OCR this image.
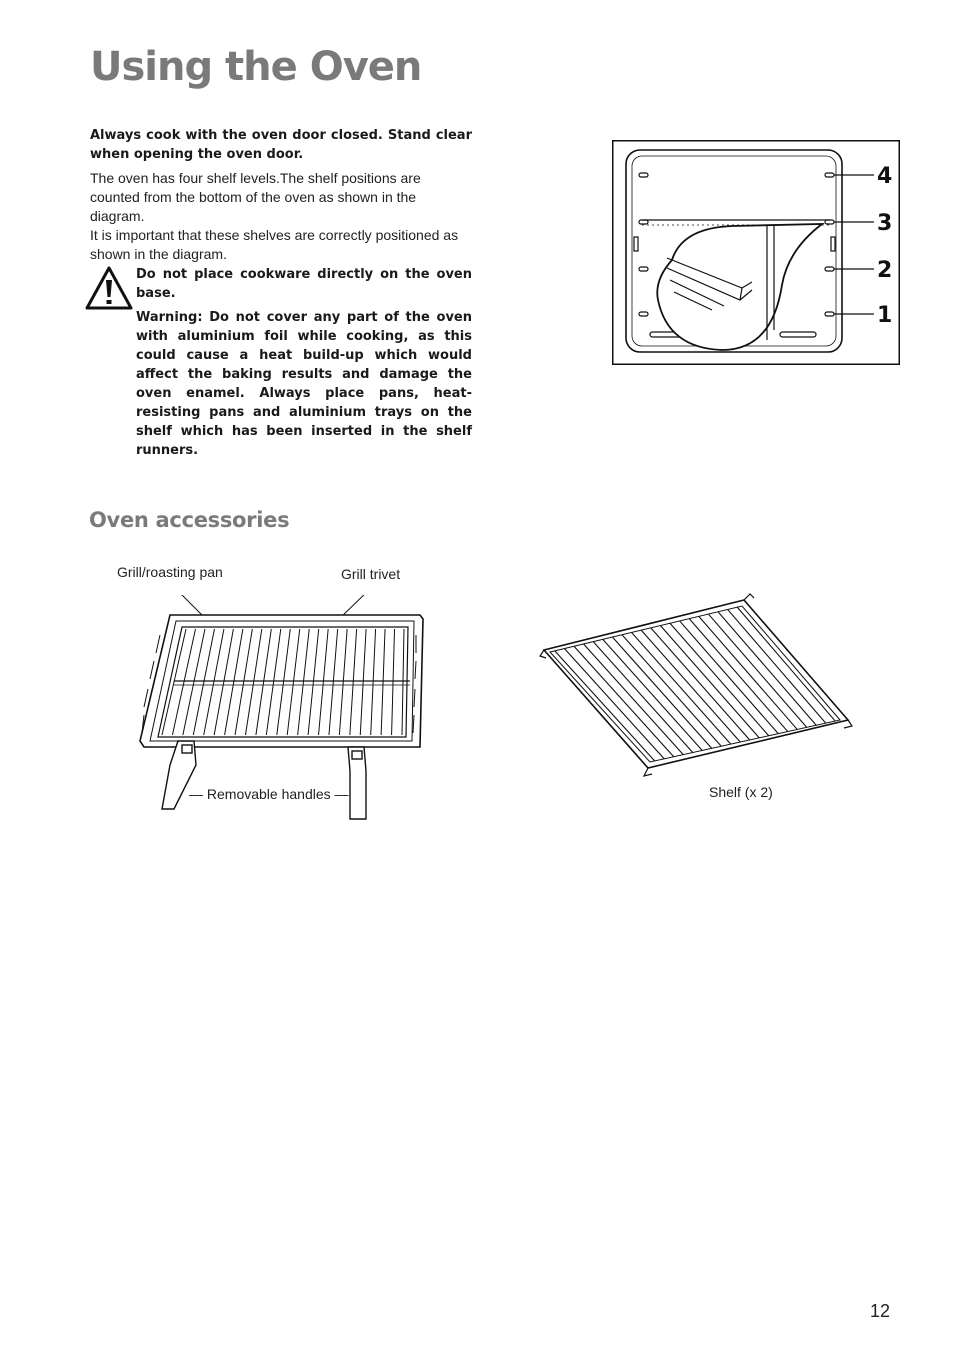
Using the Oven

Always cook with the oven door closed. Stand clear when opening the oven door.

The oven has four shelf levels.The shelf positions are counted from the bottom of the oven as shown in the diagram.

It is important that these shelves are correctly positioned as shown in the diagram.

Do not place cookware directly on the oven base.

Warning: Do not cover any part of the oven with aluminium foil while cooking, as this could cause a heat build-up which would affect the baking results and damage the oven enamel. Always place pans, heat-resisting pans and aluminium trays on the shelf which has been inserted in the shelf runners.

4
3
2
1
Oven accessories
Grill/roasting pan	Grill trivet
— Removable handles —	Shelf (x 2)
12
